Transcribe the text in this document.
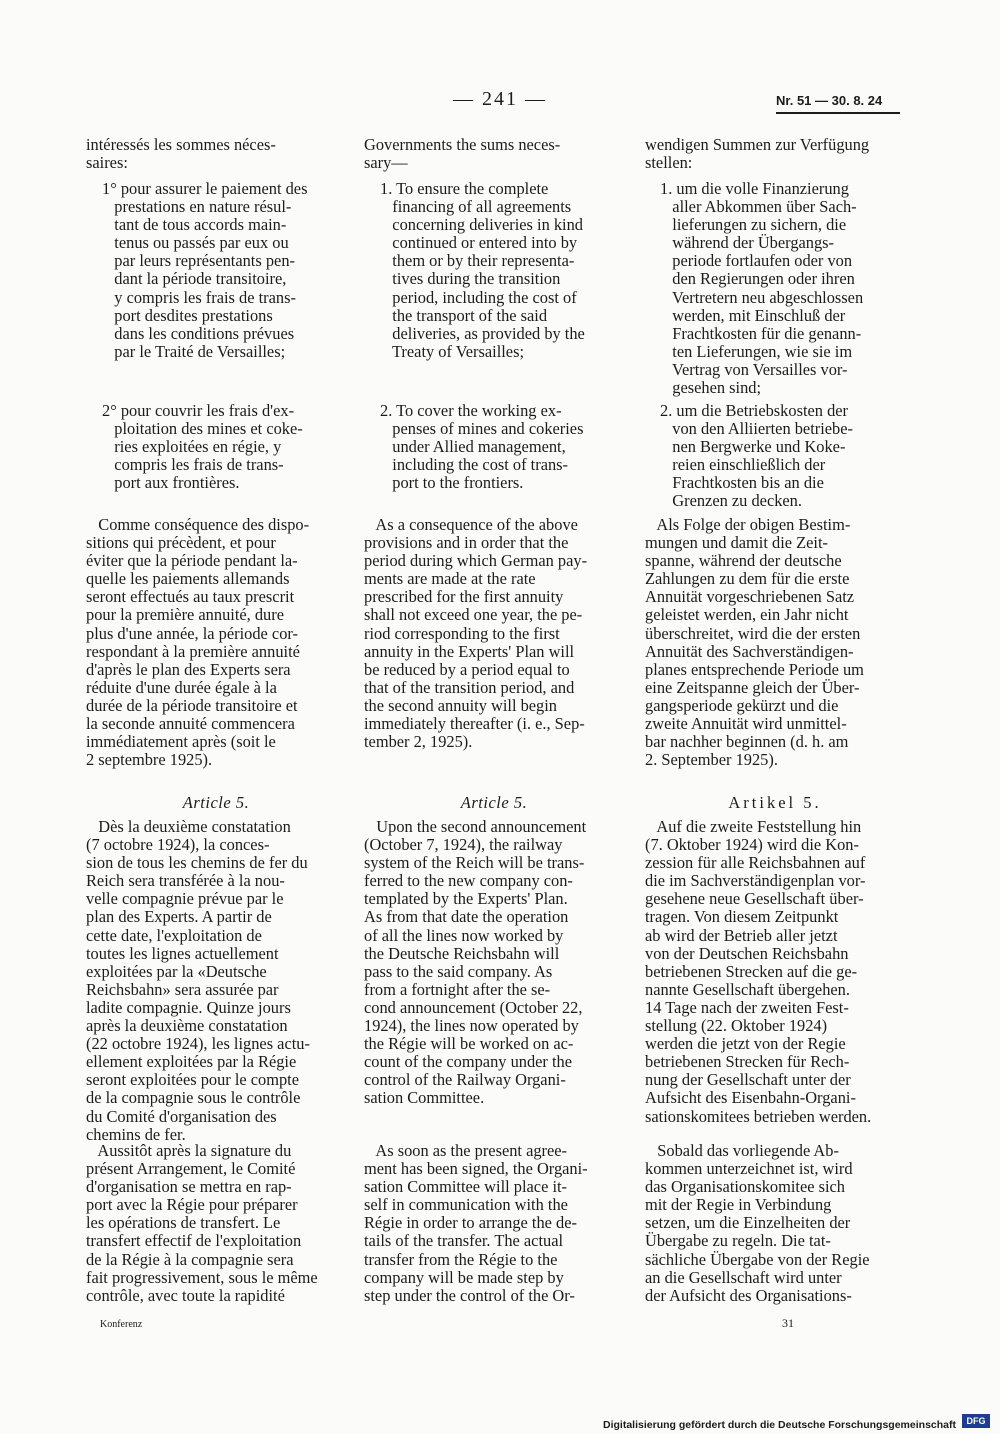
— 241 —	Nr. 51 — 30. 8. 24

intéressés les sommes néces-
saires:

1° pour assurer le paiement des
prestations en nature résul-
tant de tous accords main-
tenus ou passés par eux ou
par leurs représentants pen-
dant la période transitoire,
y compris les frais de trans-
port desdites prestations
dans les conditions prévues
par le Traité de Versailles;

2° pour couvrir les frais d'ex-
ploitation des mines et coke-
ries exploitées en régie, y
compris les frais de trans-
port aux frontières.

Comme conséquence des dispo-
sitions qui précèdent, et pour
éviter que la période pendant la-
quelle les paiements allemands
seront effectués au taux prescrit
pour la première annuité, dure
plus d'une année, la période cor-
respondant à la première annuité
d'après le plan des Experts sera
réduite d'une durée égale à la
durée de la période transitoire et
la seconde annuité commencera
immédiatement après (soit le
2 septembre 1925).

Article 5.

Dès la deuxième constatation
(7 octobre 1924), la conces-
sion de tous les chemins de fer du
Reich sera transférée à la nou-
velle compagnie prévue par le
plan des Experts. A partir de
cette date, l'exploitation de
toutes les lignes actuellement
exploitées par la «Deutsche
Reichsbahn» sera assurée par
ladite compagnie. Quinze jours
après la deuxième constatation
(22 octobre 1924), les lignes actu-
ellement exploitées par la Régie
seront exploitées pour le compte
de la compagnie sous le contrôle
du Comité d'organisation des
chemins de fer.

Aussitôt après la signature du
présent Arrangement, le Comité
d'organisation se mettra en rap-
port avec la Régie pour préparer
les opérations de transfert. Le
transfert effectif de l'exploitation
de la Régie à la compagnie sera
fait progressivement, sous le même
contrôle, avec toute la rapidité

Governments the sums neces-
sary—

1. To ensure the complete
financing of all agreements
concerning deliveries in kind
continued or entered into by
them or by their representa-
tives during the transition
period, including the cost of
the transport of the said
deliveries, as provided by the
Treaty of Versailles;

2. To cover the working ex-
penses of mines and cokeries
under Allied management,
including the cost of trans-
port to the frontiers.

As a consequence of the above
provisions and in order that the
period during which German pay-
ments are made at the rate
prescribed for the first annuity
shall not exceed one year, the pe-
riod corresponding to the first
annuity in the Experts' Plan will
be reduced by a period equal to
that of the transition period, and
the second annuity will begin
immediately thereafter (i. e., Sep-
tember 2, 1925).

Article 5.

Upon the second announcement
(October 7, 1924), the railway
system of the Reich will be trans-
ferred to the new company con-
templated by the Experts' Plan.
As from that date the operation
of all the lines now worked by
the Deutsche Reichsbahn will
pass to the said company. As
from a fortnight after the se-
cond announcement (October 22,
1924), the lines now operated by
the Régie will be worked on ac-
count of the company under the
control of the Railway Organi-
sation Committee.

As soon as the present agree-
ment has been signed, the Organi-
sation Committee will place it-
self in communication with the
Régie in order to arrange the de-
tails of the transfer. The actual
transfer from the Régie to the
company will be made step by
step under the control of the Or-

wendigen Summen zur Verfügung
stellen:

1. um die volle Finanzierung
aller Abkommen über Sach-
lieferungen zu sichern, die
während der Übergangs-
periode fortlaufen oder von
den Regierungen oder ihren
Vertretern neu abgeschlossen
werden, mit Einschluß der
Frachtkosten für die genann-
ten Lieferungen, wie sie im
Vertrag von Versailles vor-
gesehen sind;

2. um die Betriebskosten der
von den Alliierten betriebe-
nen Bergwerke und Koke-
reien einschließlich der
Frachtkosten bis an die
Grenzen zu decken.

Als Folge der obigen Bestim-
mungen und damit die Zeit-
spanne, während der deutsche
Zahlungen zu dem für die erste
Annuität vorgeschriebenen Satz
geleistet werden, ein Jahr nicht
überschreitet, wird die der ersten
Annuität des Sachverständigen-
planes entsprechende Periode um
eine Zeitspanne gleich der Über-
gangsperiode gekürzt und die
zweite Annuität wird unmittel-
bar nachher beginnen (d. h. am
2. September 1925).

Artikel 5.

Auf die zweite Feststellung hin
(7. Oktober 1924) wird die Kon-
zession für alle Reichsbahnen auf
die im Sachverständigenplan vor-
gesehene neue Gesellschaft über-
tragen. Von diesem Zeitpunkt
ab wird der Betrieb aller jetzt
von der Deutschen Reichsbahn
betriebenen Strecken auf die ge-
nannte Gesellschaft übergehen.
14 Tage nach der zweiten Fest-
stellung (22. Oktober 1924)
werden die jetzt von der Regie
betriebenen Strecken für Rech-
nung der Gesellschaft unter der
Aufsicht des Eisenbahn-Organi-
sationskomitees betrieben werden.

Sobald das vorliegende Ab-
kommen unterzeichnet ist, wird
das Organisationskomitee sich
mit der Regie in Verbindung
setzen, um die Einzelheiten der
Übergabe zu regeln. Die tat-
sächliche Übergabe von der Regie
an die Gesellschaft wird unter
der Aufsicht des Organisations-

Konferenz	31
Digitalisierung gefördert durch die Deutsche Forschungsgemeinschaft	DFG
